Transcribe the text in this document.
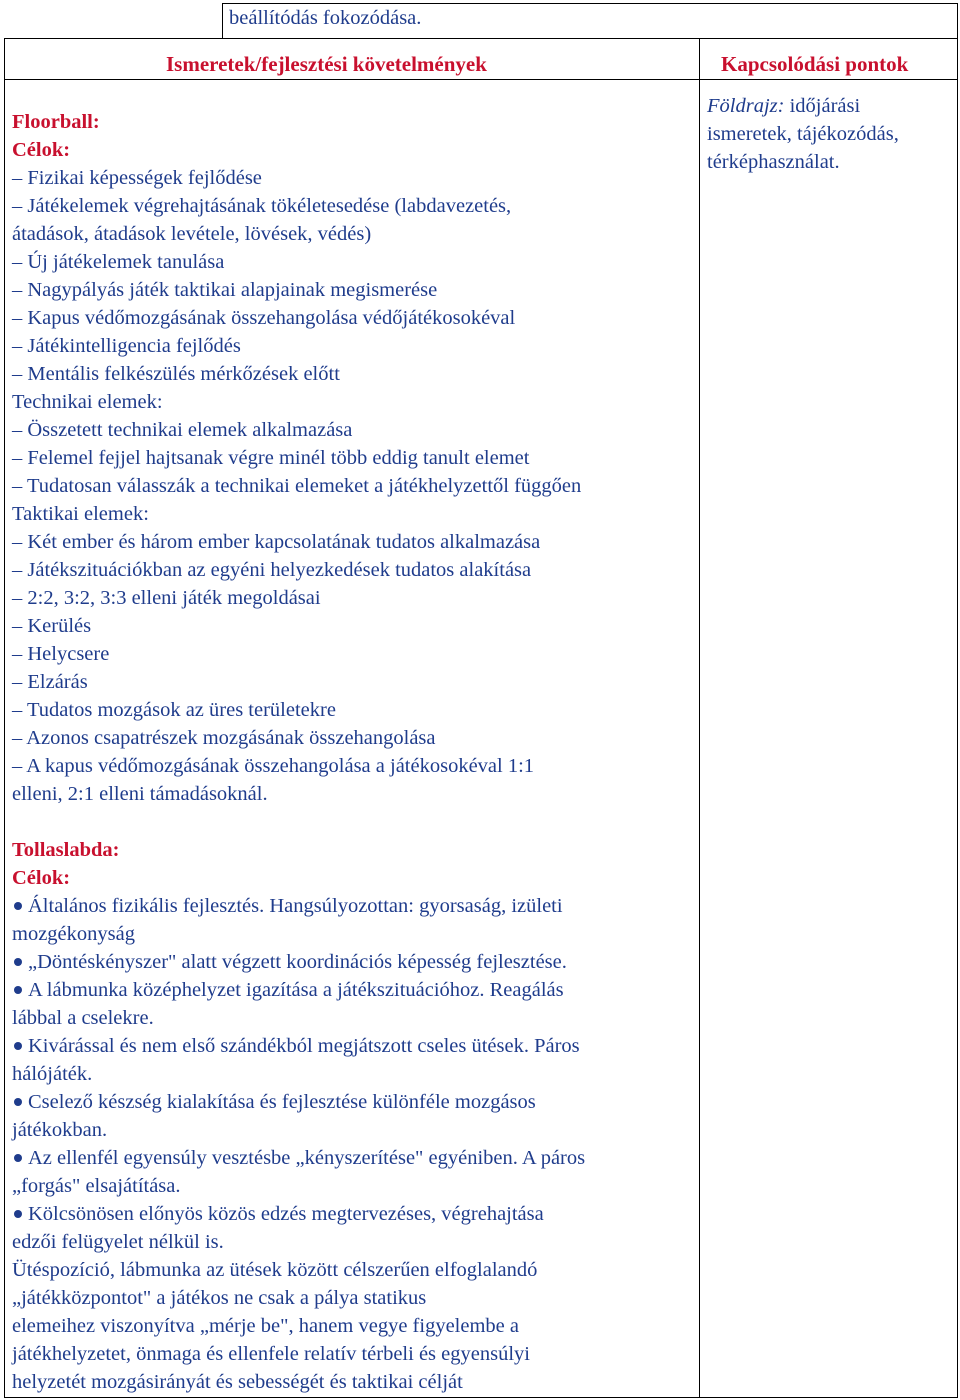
beállítódás fokozódása.
Ismeretek/fejlesztési követelmények	Kapcsolódási pontok
Floorball:
Célok:
– Fizikai képességek fejlődése
– Játékelemek végrehajtásának tökéletesedése (labdavezetés,
átadások, átadások levétele, lövések, védés)
– Új játékelemek tanulása
– Nagypályás játék taktikai alapjainak megismerése
– Kapus védőmozgásának összehangolása védőjátékosokéval
– Játékintelligencia fejlődés
– Mentális felkészülés mérkőzések előtt
Technikai elemek:
– Összetett technikai elemek alkalmazása
– Felemel fejjel hajtsanak végre minél több eddig tanult elemet
– Tudatosan válasszák a technikai elemeket a játékhelyzettől függően
Taktikai elemek:
– Két ember és három ember kapcsolatának tudatos alkalmazása
– Játékszituációkban az egyéni helyezkedések tudatos alakítása
– 2:2, 3:2, 3:3 elleni játék megoldásai
– Kerülés
– Helycsere
– Elzárás
– Tudatos mozgások az üres területekre
– Azonos csapatrészek mozgásának összehangolása
– A kapus védőmozgásának összehangolása a játékosokéval 1:1
elleni, 2:1 elleni támadásoknál.
Tollaslabda:
Célok:
Általános fizikális fejlesztés. Hangsúlyozottan: gyorsaság, izületi
mozgékonyság
„Döntéskényszer" alatt végzett koordinációs képesség fejlesztése.
A lábmunka középhelyzet igazítása a játékszituációhoz. Reagálás
lábbal a cselekre.
Kivárással és nem első szándékból megjátszott cseles ütések. Páros
hálójáték.
Cselező készség kialakítása és fejlesztése különféle mozgásos
játékokban.
Az ellenfél egyensúly vesztésbe „kényszerítése" egyéniben. A páros
„forgás" elsajátítása.
Kölcsönösen előnyös közös edzés megtervezéses, végrehajtása
edzői felügyelet nélkül is.
Ütéspozíció, lábmunka az ütések között célszerűen elfoglalandó
„játékközpontot" a játékos ne csak a pálya statikus
elemeihez viszonyítva „mérje be", hanem vegye figyelembe a
játékhelyzetet, önmaga és ellenfele relatív térbeli és egyensúlyi
helyzetét mozgásirányát és sebességét és taktikai célját
Földrajz: időjárási
ismeretek, tájékozódás,
térképhasználat.
